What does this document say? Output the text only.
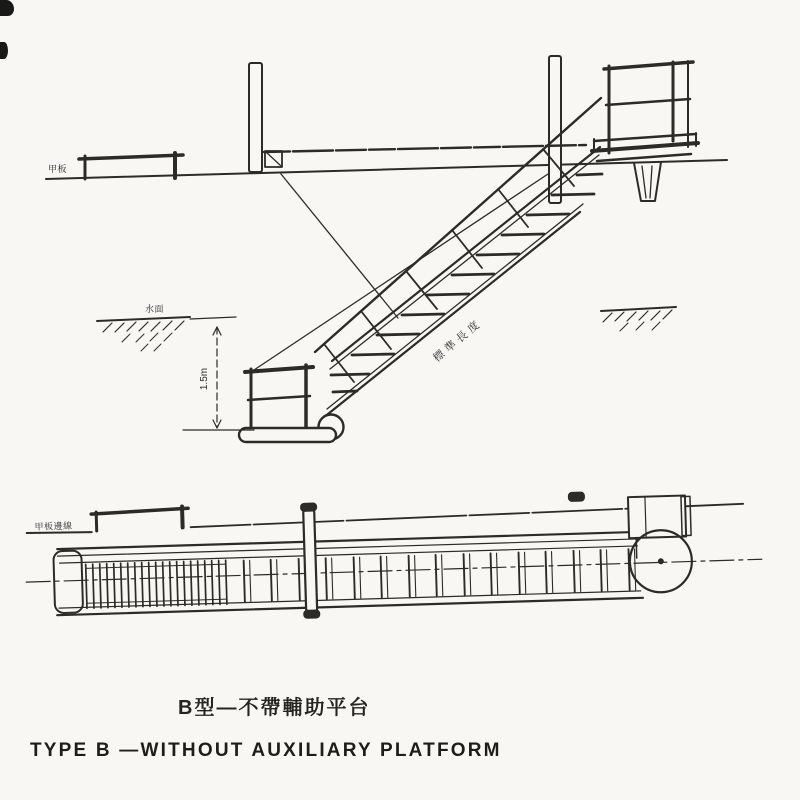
甲板
水面
1.5m
標準長度
甲板邊線
B型—不帶輔助平台
TYPE B —WITHOUT AUXILIARY PLATFORM
